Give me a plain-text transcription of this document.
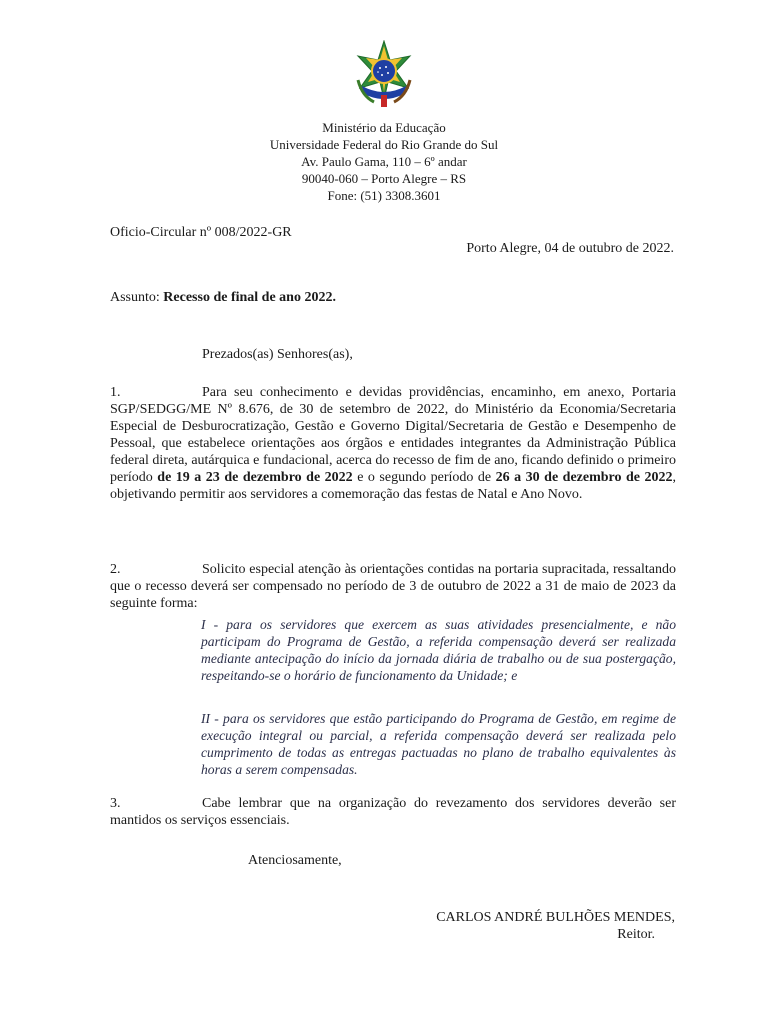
Ministério da Educação
Universidade Federal do Rio Grande do Sul
Av. Paulo Gama, 110 – 6º andar
90040-060 – Porto Alegre – RS
Fone: (51) 3308.3601
Oficio-Circular nº 008/2022-GR
Porto Alegre, 04 de outubro de 2022.
Assunto: Recesso de final de ano 2022.
Prezados(as) Senhores(as),
1.	Para seu conhecimento e devidas providências, encaminho, em anexo, Portaria SGP/SEDGG/ME Nº 8.676, de 30 de setembro de 2022, do Ministério da Economia/Secretaria Especial de Desburocratização, Gestão e Governo Digital/Secretaria de Gestão e Desempenho de Pessoal, que estabelece orientações aos órgãos e entidades integrantes da Administração Pública federal direta, autárquica e fundacional, acerca do recesso de fim de ano, ficando definido o primeiro período de 19 a 23 de dezembro de 2022 e o segundo período de 26 a 30 de dezembro de 2022, objetivando permitir aos servidores a comemoração das festas de Natal e Ano Novo.
2.	Solicito especial atenção às orientações contidas na portaria supracitada, ressaltando que o recesso deverá ser compensado no período de 3 de outubro de 2022 a 31 de maio de 2023 da seguinte forma:
I - para os servidores que exercem as suas atividades presencialmente, e não participam do Programa de Gestão, a referida compensação deverá ser realizada mediante antecipação do início da jornada diária de trabalho ou de sua postergação, respeitando-se o horário de funcionamento da Unidade; e
II - para os servidores que estão participando do Programa de Gestão, em regime de execução integral ou parcial, a referida compensação deverá ser realizada pelo cumprimento de todas as entregas pactuadas no plano de trabalho equivalentes às horas a serem compensadas.
3.	Cabe lembrar que na organização do revezamento dos servidores deverão ser mantidos os serviços essenciais.
Atenciosamente,
CARLOS ANDRÉ BULHÕES MENDES,
Reitor.
